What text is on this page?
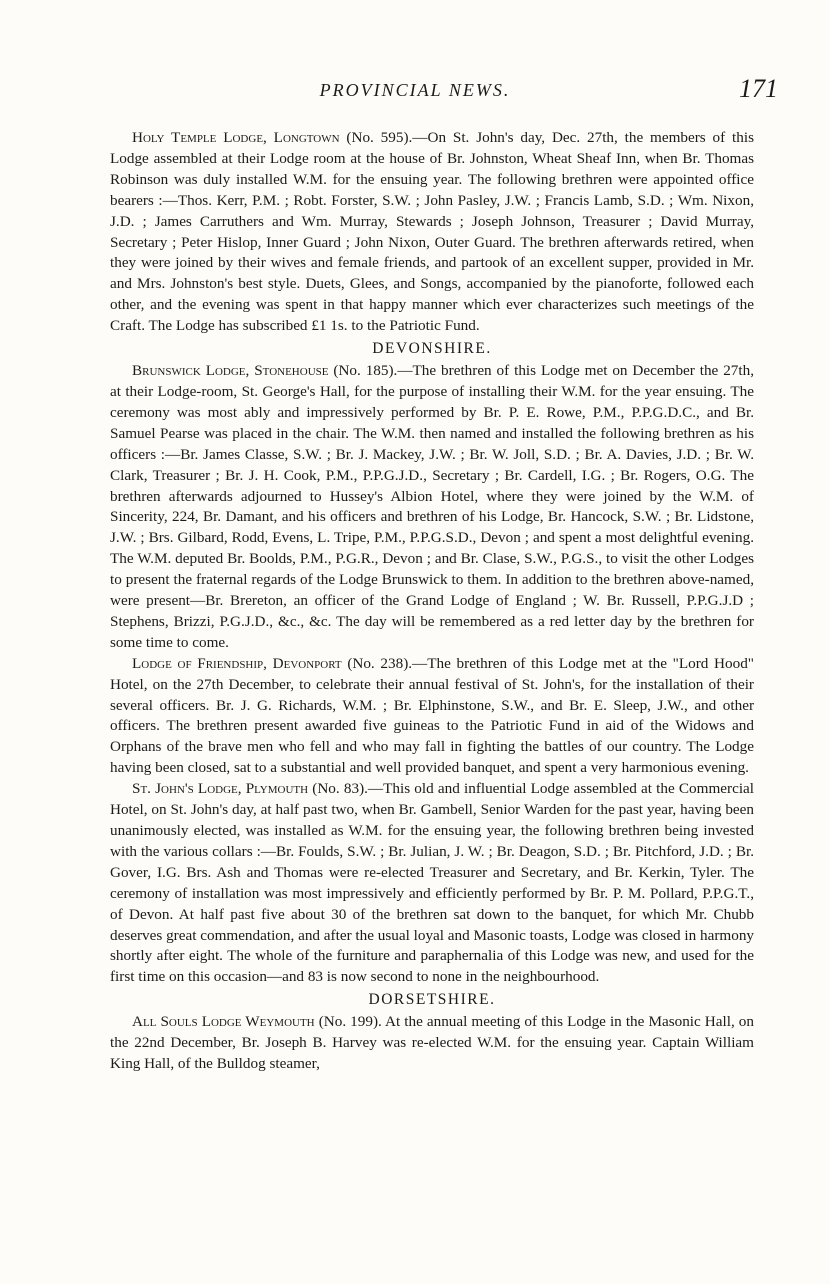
PROVINCIAL NEWS.	171

Holy Temple Lodge, Longtown (No. 595).—On St. John's day, Dec. 27th, the members of this Lodge assembled at their Lodge room at the house of Br. Johnston, Wheat Sheaf Inn, when Br. Thomas Robinson was duly installed W.M. for the ensuing year. The following brethren were appointed office bearers :—Thos. Kerr, P.M. ; Robt. Forster, S.W. ; John Pasley, J.W. ; Francis Lamb, S.D. ; Wm. Nixon, J.D. ; James Carruthers and Wm. Murray, Stewards ; Joseph Johnson, Treasurer ; David Murray, Secretary ; Peter Hislop, Inner Guard ; John Nixon, Outer Guard. The brethren afterwards retired, when they were joined by their wives and female friends, and partook of an excellent supper, provided in Mr. and Mrs. Johnston's best style. Duets, Glees, and Songs, accompanied by the pianoforte, followed each other, and the evening was spent in that happy manner which ever characterizes such meetings of the Craft. The Lodge has subscribed £1 1s. to the Patriotic Fund.

DEVONSHIRE.

Brunswick Lodge, Stonehouse (No. 185).—The brethren of this Lodge met on December the 27th, at their Lodge-room, St. George's Hall, for the purpose of installing their W.M. for the year ensuing. The ceremony was most ably and impressively performed by Br. P. E. Rowe, P.M., P.P.G.D.C., and Br. Samuel Pearse was placed in the chair. The W.M. then named and installed the following brethren as his officers :—Br. James Classe, S.W. ; Br. J. Mackey, J.W. ; Br. W. Joll, S.D. ; Br. A. Davies, J.D. ; Br. W. Clark, Treasurer ; Br. J. H. Cook, P.M., P.P.G.J.D., Secretary ; Br. Cardell, I.G. ; Br. Rogers, O.G. The brethren afterwards adjourned to Hussey's Albion Hotel, where they were joined by the W.M. of Sincerity, 224, Br. Damant, and his officers and brethren of his Lodge, Br. Hancock, S.W. ; Br. Lidstone, J.W. ; Brs. Gilbard, Rodd, Evens, L. Tripe, P.M., P.P.G.S.D., Devon ; and spent a most delightful evening. The W.M. deputed Br. Boolds, P.M., P.G.R., Devon ; and Br. Clase, S.W., P.G.S., to visit the other Lodges to present the fraternal regards of the Lodge Brunswick to them. In addition to the brethren above-named, were present—Br. Brereton, an officer of the Grand Lodge of England ; W. Br. Russell, P.P.G.J.D ; Stephens, Brizzi, P.G.J.D., &c., &c. The day will be remembered as a red letter day by the brethren for some time to come.

Lodge of Friendship, Devonport (No. 238).—The brethren of this Lodge met at the "Lord Hood" Hotel, on the 27th December, to celebrate their annual festival of St. John's, for the installation of their several officers. Br. J. G. Richards, W.M. ; Br. Elphinstone, S.W., and Br. E. Sleep, J.W., and other officers. The brethren present awarded five guineas to the Patriotic Fund in aid of the Widows and Orphans of the brave men who fell and who may fall in fighting the battles of our country. The Lodge having been closed, sat to a substantial and well provided banquet, and spent a very harmonious evening.

St. John's Lodge, Plymouth (No. 83).—This old and influential Lodge assembled at the Commercial Hotel, on St. John's day, at half past two, when Br. Gambell, Senior Warden for the past year, having been unanimously elected, was installed as W.M. for the ensuing year, the following brethren being invested with the various collars :—Br. Foulds, S.W. ; Br. Julian, J. W. ; Br. Deagon, S.D. ; Br. Pitchford, J.D. ; Br. Gover, I.G. Brs. Ash and Thomas were re-elected Treasurer and Secretary, and Br. Kerkin, Tyler. The ceremony of installation was most impressively and efficiently performed by Br. P. M. Pollard, P.P.G.T., of Devon. At half past five about 30 of the brethren sat down to the banquet, for which Mr. Chubb deserves great commendation, and after the usual loyal and Masonic toasts, Lodge was closed in harmony shortly after eight. The whole of the furniture and paraphernalia of this Lodge was new, and used for the first time on this occasion—and 83 is now second to none in the neighbourhood.

DORSETSHIRE.

All Souls Lodge Weymouth (No. 199). At the annual meeting of this Lodge in the Masonic Hall, on the 22nd December, Br. Joseph B. Harvey was re-elected W.M. for the ensuing year. Captain William King Hall, of the Bulldog steamer,
